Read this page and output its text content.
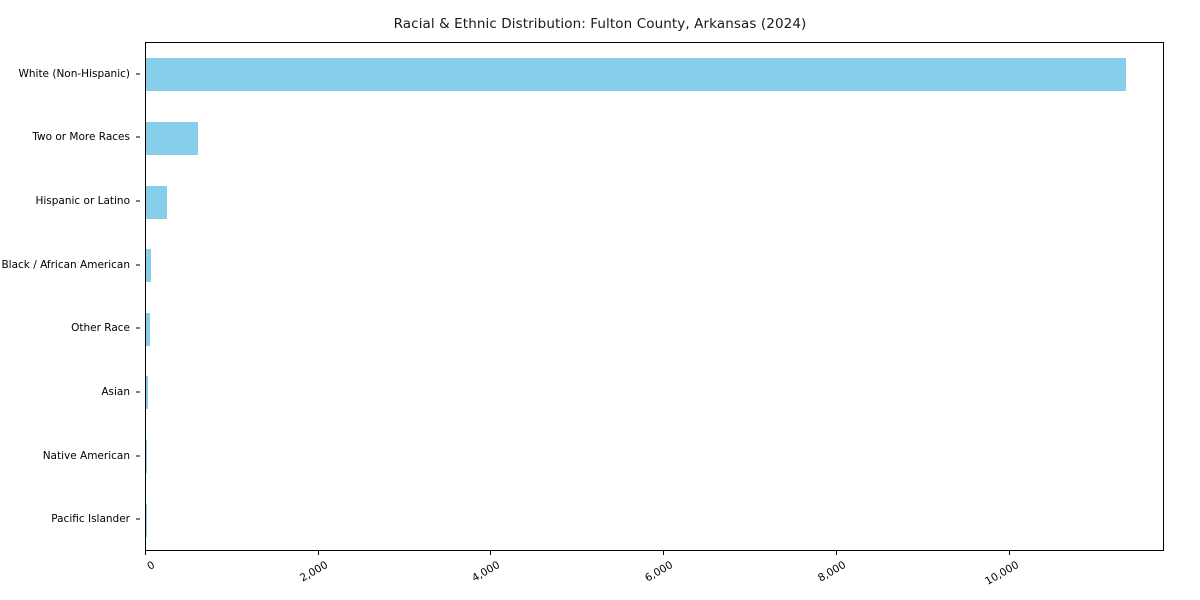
Racial & Ethnic Distribution: Fulton County, Arkansas (2024)
White (Non-Hispanic)
Two or More Races
Hispanic or Latino
Black / African American
Other Race
Asian
Native American
Pacific Islander
0	2,000	4,000	6,000	8,000	10,000
